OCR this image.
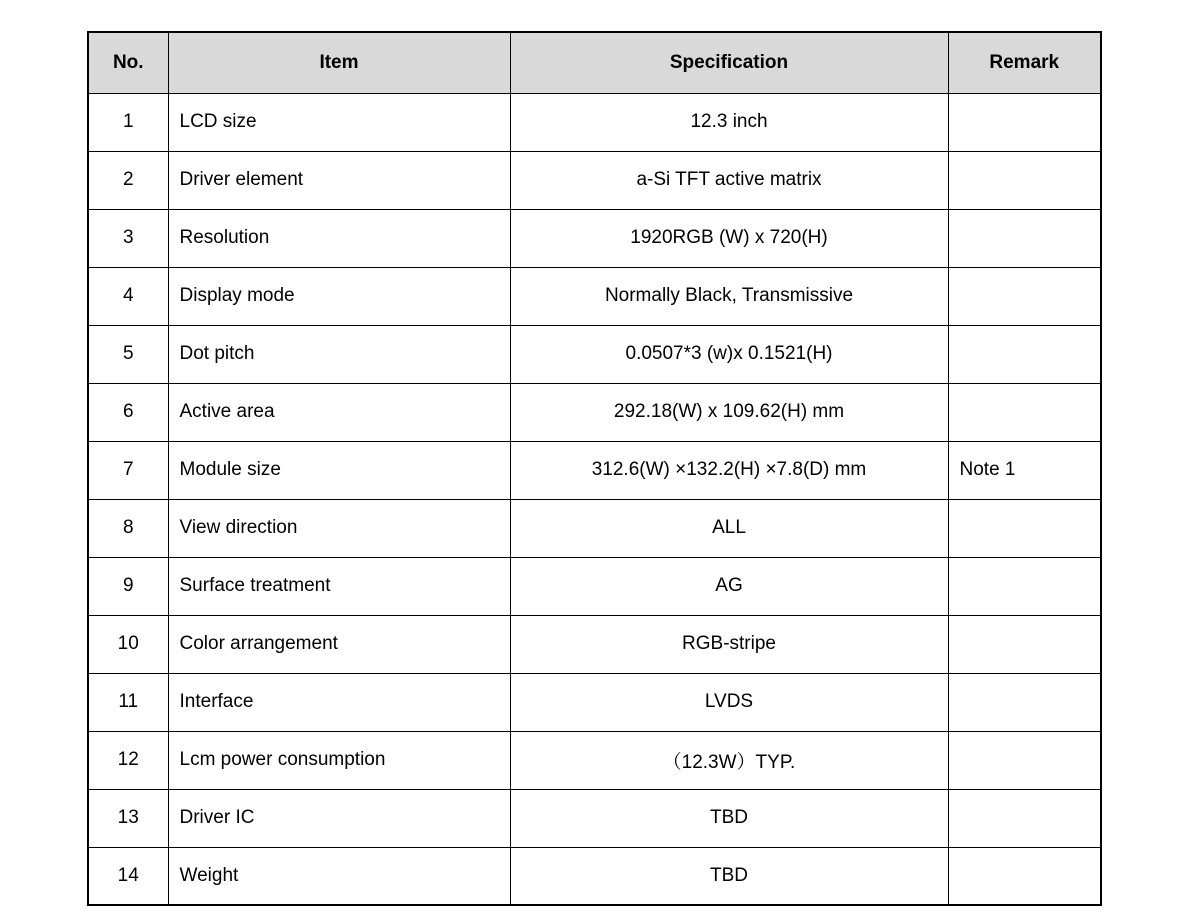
No.	Item	Specification	Remark
1	LCD size	12.3 inch	
2	Driver element	a-Si TFT active matrix	
3	Resolution	1920RGB (W) x 720(H)	
4	Display mode	Normally Black, Transmissive	
5	Dot pitch	0.0507*3 (w)x 0.1521(H)	
6	Active area	292.18(W) x 109.62(H) mm	
7	Module size	312.6(W) ×132.2(H) ×7.8(D) mm	Note 1
8	View direction	ALL	
9	Surface treatment	AG	
10	Color arrangement	RGB-stripe	
11	Interface	LVDS	
12	Lcm power consumption	（12.3W）TYP.	
13	Driver IC	TBD	
14	Weight	TBD	
